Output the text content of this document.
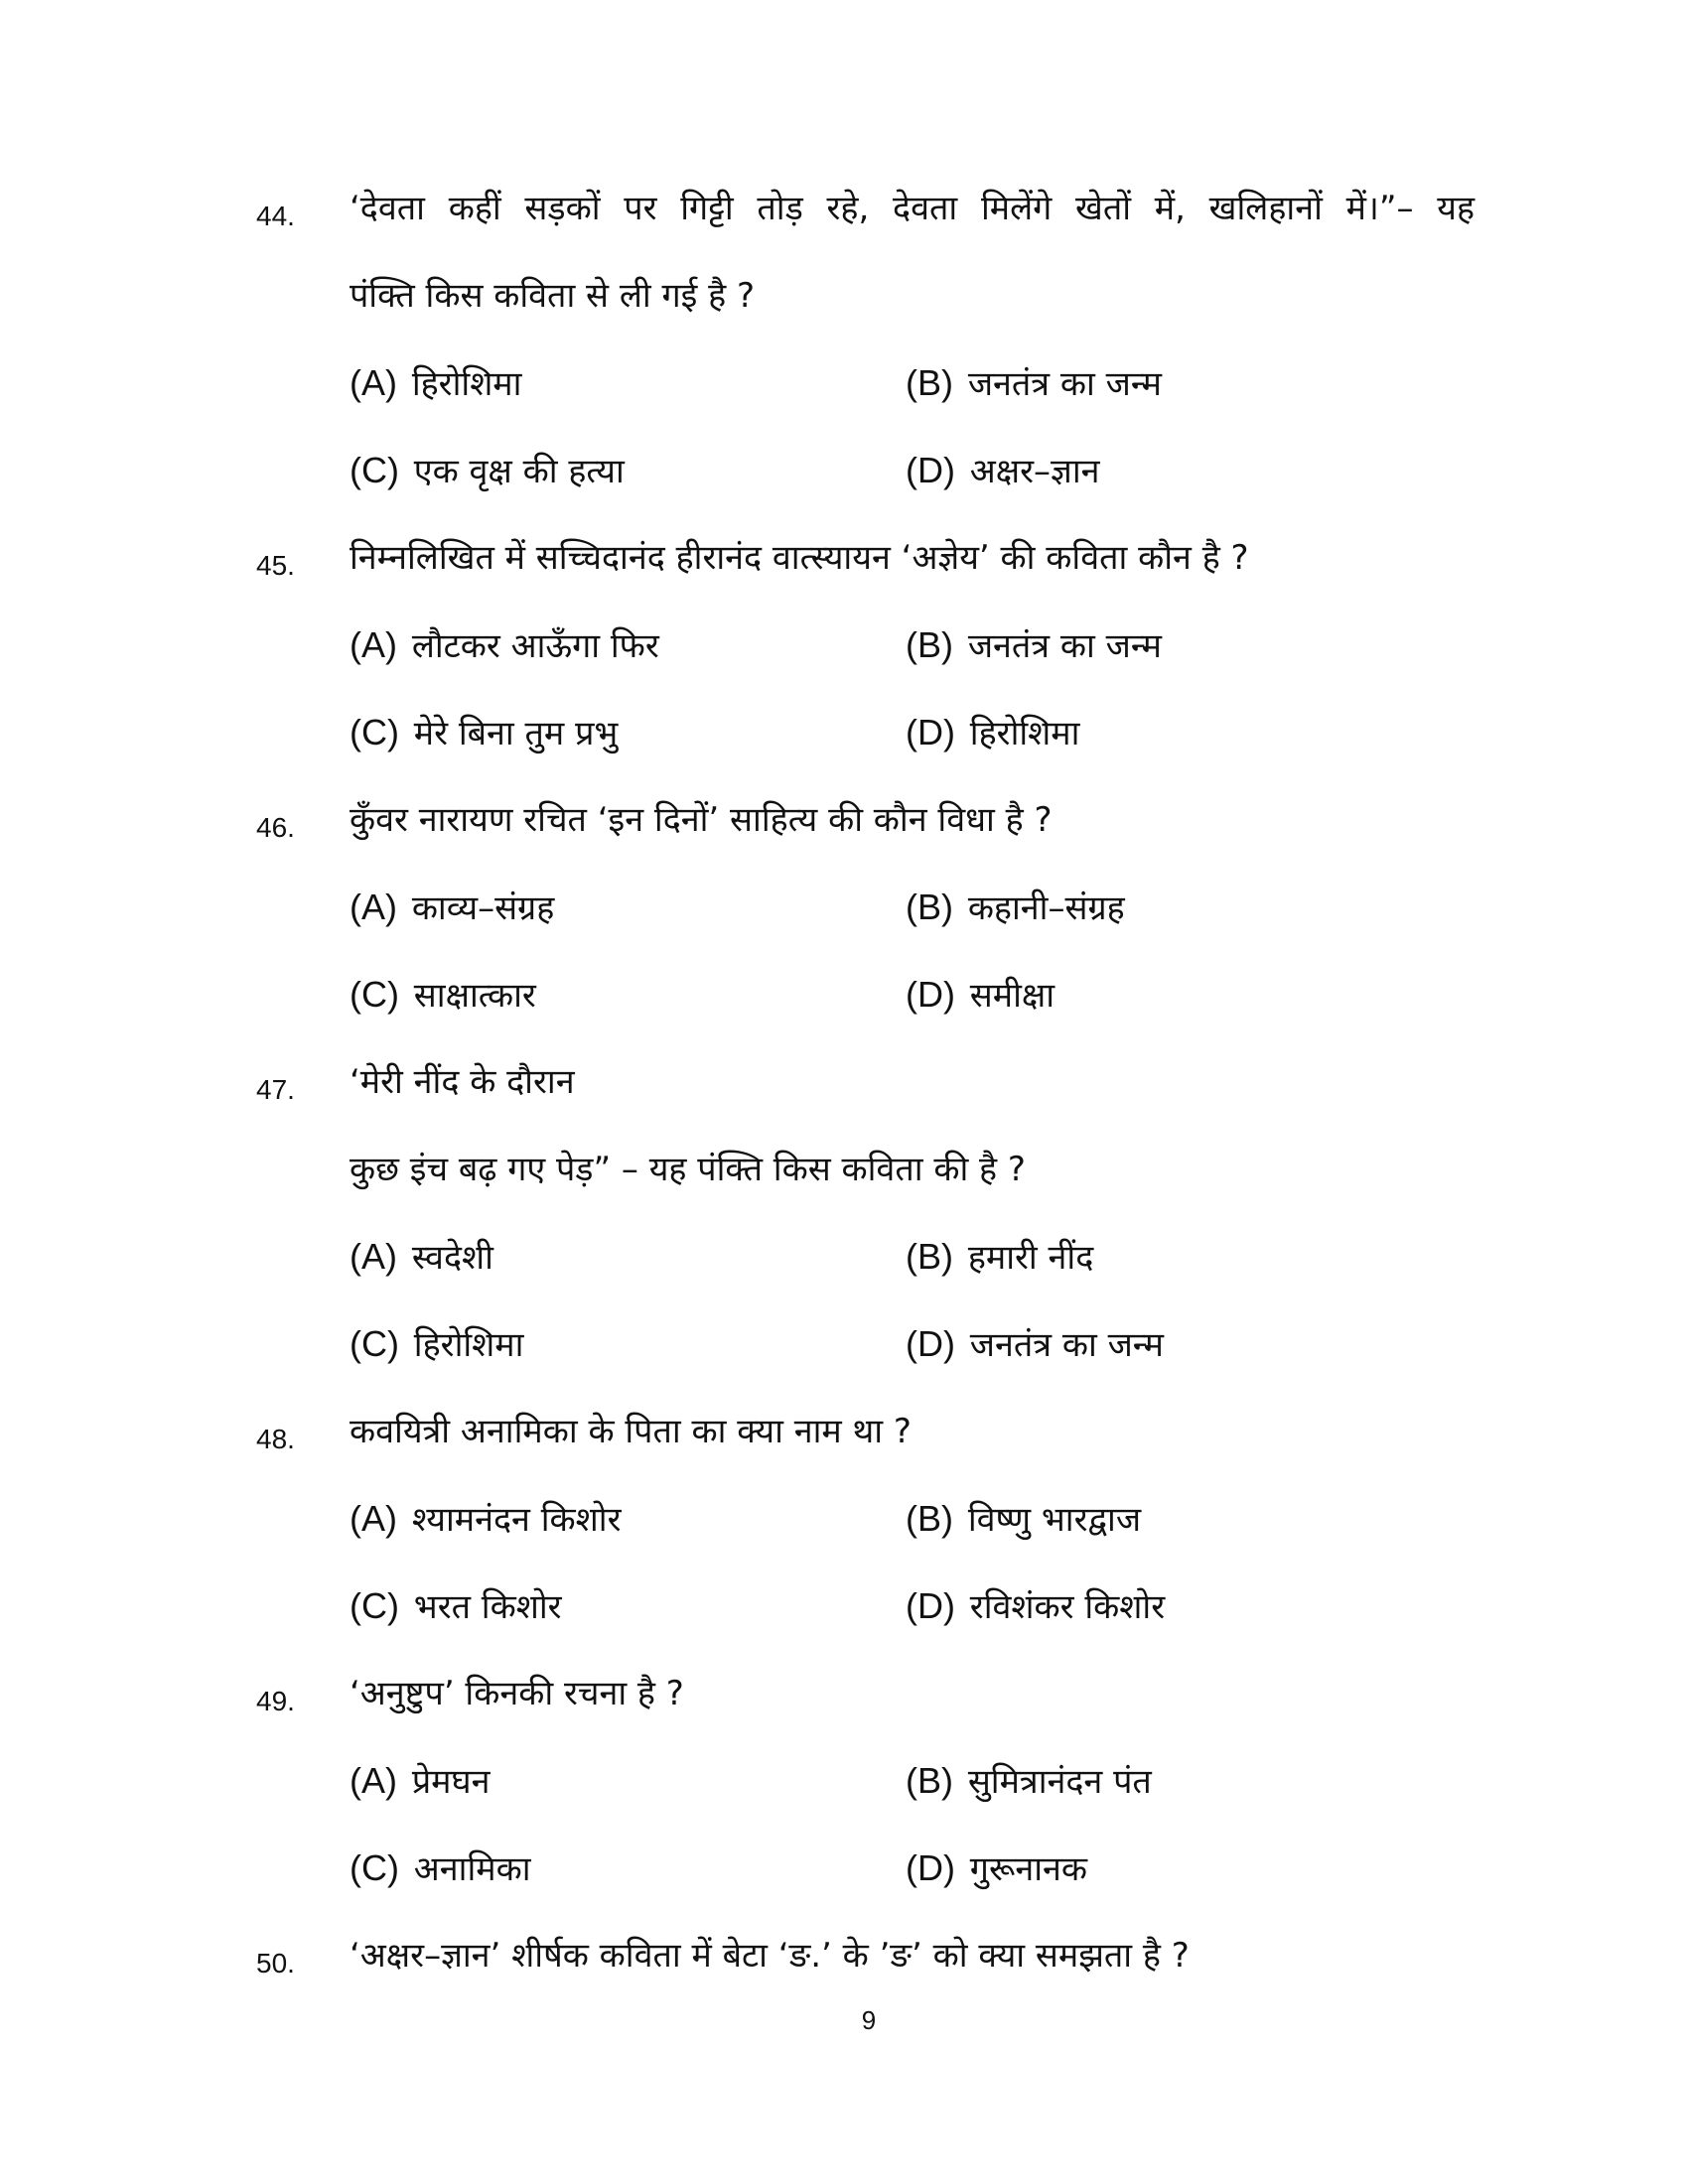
44.	‘देवता कहीं सड़कों पर गिट्टी तोड़ रहे, देवता मिलेंगे खेतों में, खलिहानों में।”– यह
पंक्ति किस कविता से ली गई है ?
(A) हिरोशिमा	(B) जनतंत्र का जन्म
(C) एक वृक्ष की हत्या	(D) अक्षर–ज्ञान
45.	निम्नलिखित में सच्चिदानंद हीरानंद वात्स्यायन ‘अज्ञेय’ की कविता कौन है ?
(A) लौटकर आऊँगा फिर	(B) जनतंत्र का जन्म
(C) मेरे बिना तुम प्रभु	(D) हिरोशिमा
46.	कुँवर नारायण रचित ‘इन दिनों’ साहित्य की कौन विधा है ?
(A) काव्य–संग्रह	(B) कहानी–संग्रह
(C) साक्षात्कार	(D) समीक्षा
47.	‘मेरी नींद के दौरान
कुछ इंच बढ़ गए पेड़” – यह पंक्ति किस कविता की है ?
(A) स्वदेशी	(B) हमारी नींद
(C) हिरोशिमा	(D) जनतंत्र का जन्म
48.	कवयित्री अनामिका के पिता का क्या नाम था ?
(A) श्यामनंदन किशोर	(B) विष्णु भारद्वाज
(C) भरत किशोर	(D) रविशंकर किशोर
49.	‘अनुष्टुप’ किनकी रचना है ?
(A) प्रेमघन	(B) सुमित्रानंदन पंत
(C) अनामिका	(D) गुरूनानक
50.	‘अक्षर–ज्ञान’ शीर्षक कविता में बेटा ‘ङ.’ के ’ङ’ को क्या समझता है ?
9
